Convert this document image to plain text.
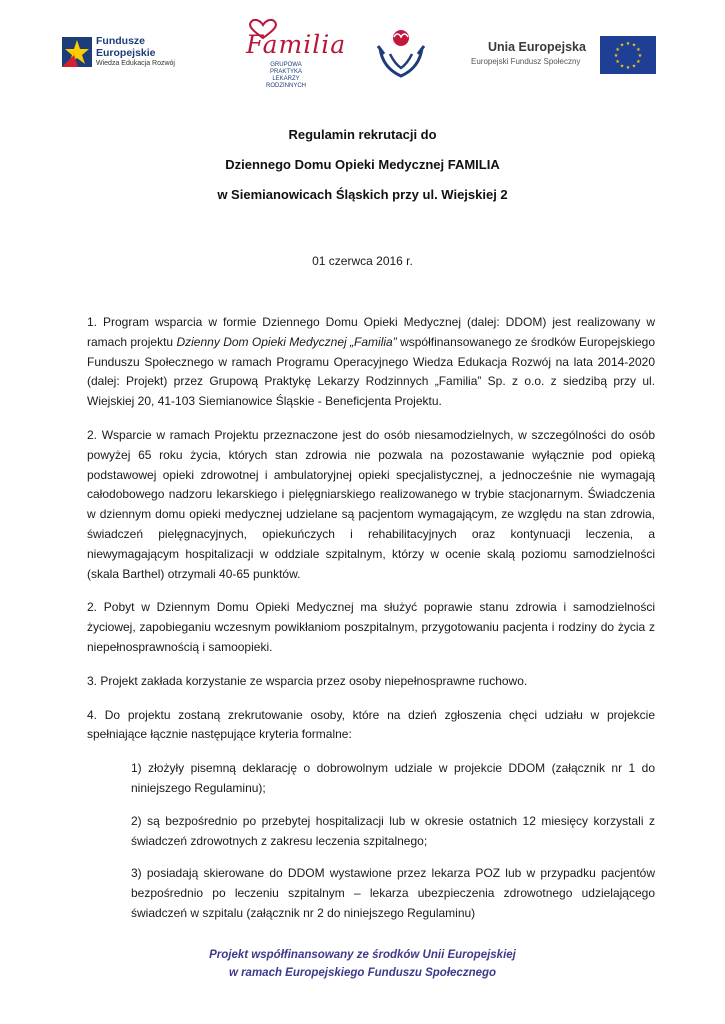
Fundusze
Europejskie
Wiedza Edukacja Rozwój
Familia
GRUPOWA PRAKTYKA
LEKARZY RODZINNYCH
Unia Europejska
Europejski Fundusz Społeczny
★ ★
★
★
★
★
★
★
★
★
★
★
Regulamin rekrutacji do
Dziennego Domu Opieki Medycznej FAMILIA
w Siemianowicach Śląskich przy ul. Wiejskiej 2
01 czerwca 2016 r.

1. Program wsparcia w formie Dziennego Domu Opieki Medycznej (dalej: DDOM) jest realizowany w ramach projektu Dzienny Dom Opieki Medycznej „Familia” współfinansowanego ze środków Europejskiego Funduszu Społecznego w ramach Programu Operacyjnego Wiedza Edukacja Rozwój na lata 2014-2020 (dalej: Projekt) przez Grupową Praktykę Lekarzy Rodzinnych „Familia” Sp. z o.o. z siedzibą przy ul. Wiejskiej 20, 41-103 Siemianowice Śląskie - Beneficjenta Projektu.

2. Wsparcie w ramach Projektu przeznaczone jest do osób niesamodzielnych, w szczególności do osób powyżej 65 roku życia, których stan zdrowia nie pozwala na pozostawanie wyłącznie pod opieką podstawowej opieki zdrowotnej i ambulatoryjnej opieki specjalistycznej, a jednocześnie nie wymagają całodobowego nadzoru lekarskiego i pielęgniarskiego realizowanego w trybie stacjonarnym. Świadczenia w dziennym domu opieki medycznej udzielane są pacjentom wymagającym, ze względu na stan zdrowia, świadczeń pielęgnacyjnych, opiekuńczych i rehabilitacyjnych oraz kontynuacji leczenia, a niewymagającym hospitalizacji w oddziale szpitalnym, którzy w ocenie skalą poziomu samodzielności (skala Barthel) otrzymali 40-65 punktów.

2. Pobyt w Dziennym Domu Opieki Medycznej ma służyć poprawie stanu zdrowia i samodzielności życiowej, zapobieganiu wczesnym powikłaniom poszpitalnym, przygotowaniu pacjenta i rodziny do życia z niepełnosprawnością i samoopieki.

3. Projekt zakłada korzystanie ze wsparcia przez osoby niepełnosprawne ruchowo.

4. Do projektu zostaną zrekrutowanie osoby, które na dzień zgłoszenia chęci udziału w projekcie spełniające łącznie następujące kryteria formalne:

1) złożyły pisemną deklarację o dobrowolnym udziale w projekcie DDOM (załącznik nr 1 do niniejszego Regulaminu);

2) są bezpośrednio po przebytej hospitalizacji lub w okresie ostatnich 12 miesięcy korzystali z świadczeń zdrowotnych z zakresu leczenia szpitalnego;

3) posiadają skierowane do DDOM wystawione przez lekarza POZ lub w przypadku pacjentów bezpośrednio po leczeniu szpitalnym – lekarza ubezpieczenia zdrowotnego udzielającego świadczeń w szpitalu (załącznik nr 2 do niniejszego Regulaminu)

Projekt współfinansowany ze środków Unii Europejskiej
w ramach Europejskiego Funduszu Społecznego
